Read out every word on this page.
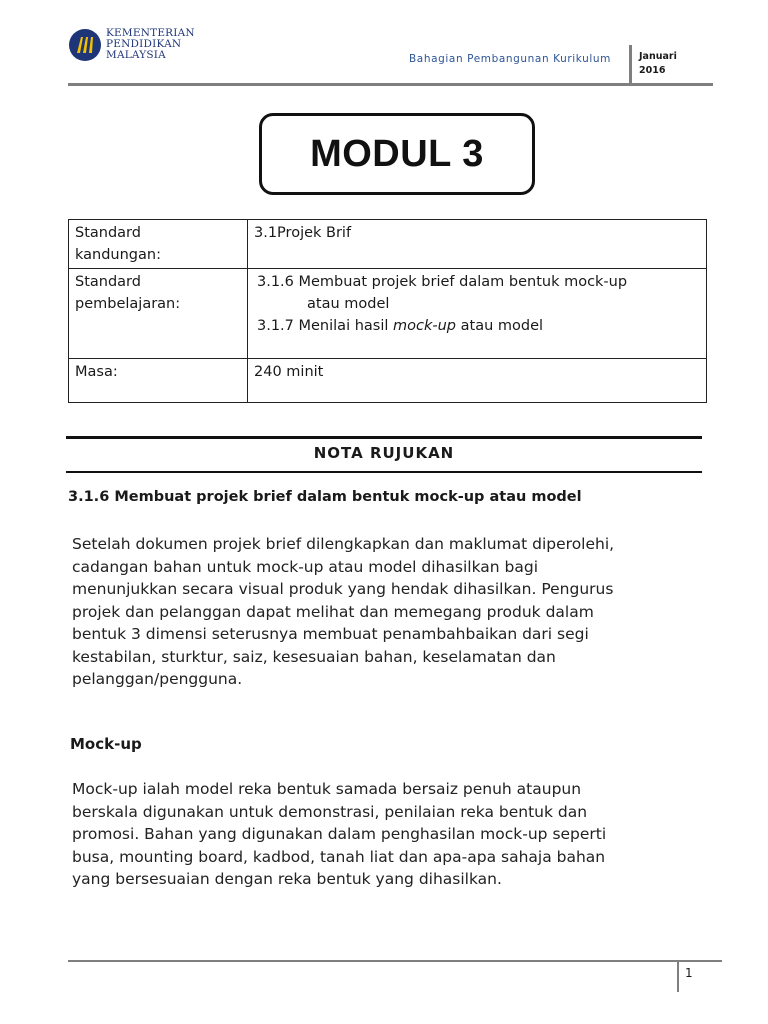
KEMENTERIAN
PENDIDIKAN
MALAYSIA	Bahagian Pembangunan Kurikulum	Januari
2016
MODUL 3
Standard
kandungan:	3.1Projek Brif
Standard
pembelajaran:	3.1.6 Membuat projek brief dalam bentuk mock-up

atau model
3.1.7 Menilai hasil mock-up atau model
Masa:	240 minit
NOTA RUJUKAN
3.1.6 Membuat projek brief dalam bentuk mock-up atau model
Setelah dokumen projek brief dilengkapkan dan maklumat diperolehi,
cadangan bahan untuk mock-up atau model dihasilkan bagi
menunjukkan secara visual produk yang hendak dihasilkan. Pengurus
projek dan pelanggan dapat melihat dan memegang produk dalam
bentuk 3 dimensi seterusnya membuat penambahbaikan dari segi
kestabilan, sturktur, saiz, kesesuaian bahan, keselamatan dan
pelanggan/pengguna.
Mock-up
Mock-up ialah model reka bentuk samada bersaiz penuh ataupun
berskala digunakan untuk demonstrasi, penilaian reka bentuk dan
promosi. Bahan yang digunakan dalam penghasilan mock-up seperti
busa, mounting board, kadbod, tanah liat dan apa-apa sahaja bahan
yang bersesuaian dengan reka bentuk yang dihasilkan.
1
